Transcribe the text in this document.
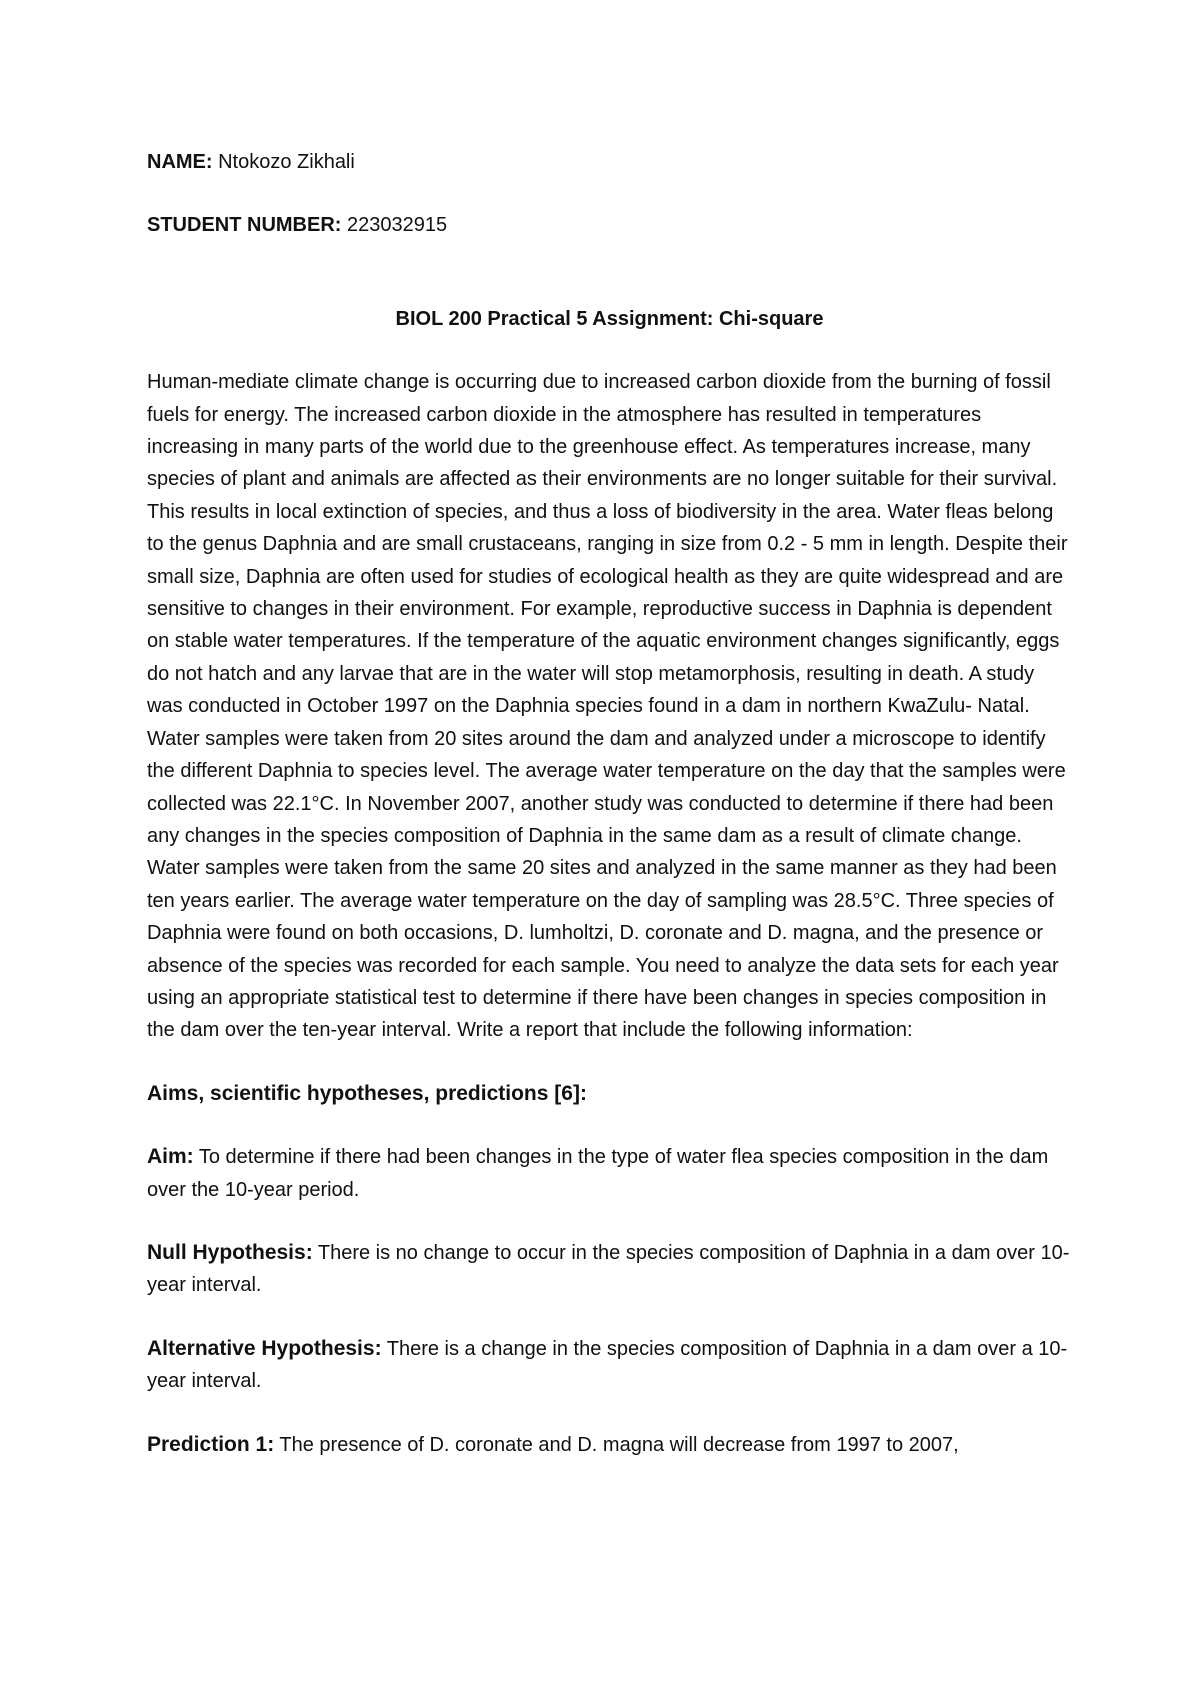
NAME: Ntokozo Zikhali
STUDENT NUMBER: 223032915
BIOL 200 Practical 5 Assignment: Chi-square

Human-mediate climate change is occurring due to increased carbon dioxide from the burning of fossil fuels for energy. The increased carbon dioxide in the atmosphere has resulted in temperatures increasing in many parts of the world due to the greenhouse effect. As temperatures increase, many species of plant and animals are affected as their environments are no longer suitable for their survival. This results in local extinction of species, and thus a loss of biodiversity in the area. Water fleas belong to the genus Daphnia and are small crustaceans, ranging in size from 0.2 - 5 mm in length. Despite their small size, Daphnia are often used for studies of ecological health as they are quite widespread and are sensitive to changes in their environment. For example, reproductive success in Daphnia is dependent on stable water temperatures. If the temperature of the aquatic environment changes significantly, eggs do not hatch and any larvae that are in the water will stop metamorphosis, resulting in death. A study was conducted in October 1997 on the Daphnia species found in a dam in northern KwaZulu- Natal. Water samples were taken from 20 sites around the dam and analyzed under a microscope to identify the different Daphnia to species level. The average water temperature on the day that the samples were collected was 22.1°C. In November 2007, another study was conducted to determine if there had been any changes in the species composition of Daphnia in the same dam as a result of climate change. Water samples were taken from the same 20 sites and analyzed in the same manner as they had been ten years earlier. The average water temperature on the day of sampling was 28.5°C. Three species of Daphnia were found on both occasions, D. lumholtzi, D. coronate and D. magna, and the presence or absence of the species was recorded for each sample. You need to analyze the data sets for each year using an appropriate statistical test to determine if there have been changes in species composition in the dam over the ten-year interval. Write a report that include the following information:

Aims, scientific hypotheses, predictions [6]:

Aim: To determine if there had been changes in the type of water flea species composition in the dam over the 10-year period.

Null Hypothesis: There is no change to occur in the species composition of Daphnia in a dam over 10-year interval.

Alternative Hypothesis: There is a change in the species composition of Daphnia in a dam over a 10-year interval.

Prediction 1: The presence of D. coronate and D. magna will decrease from 1997 to 2007,
